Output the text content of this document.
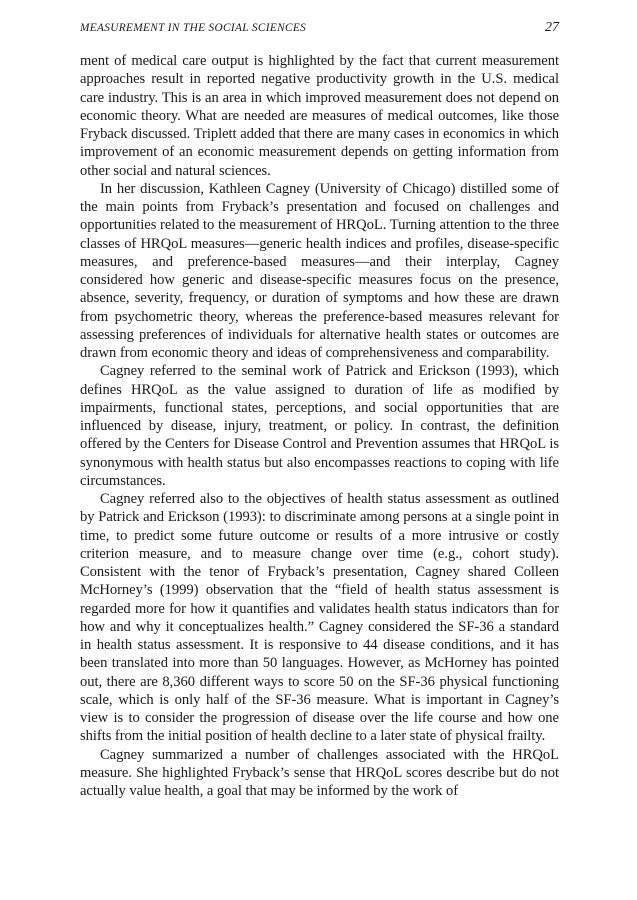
MEASUREMENT IN THE SOCIAL SCIENCES	27

ment of medical care output is highlighted by the fact that current measurement approaches result in reported negative productivity growth in the U.S. medical care industry. This is an area in which improved measurement does not depend on economic theory. What are needed are measures of medical outcomes, like those Fryback discussed. Triplett added that there are many cases in economics in which improvement of an economic measurement depends on getting information from other social and natural sciences.

In her discussion, Kathleen Cagney (University of Chicago) distilled some of the main points from Fryback’s presentation and focused on challenges and opportunities related to the measurement of HRQoL. Turning attention to the three classes of HRQoL measures—generic health indices and profiles, disease-specific measures, and preference-based measures—and their interplay, Cagney considered how generic and disease-specific measures focus on the presence, absence, severity, frequency, or duration of symptoms and how these are drawn from psychometric theory, whereas the preference-based measures relevant for assessing preferences of individuals for alternative health states or outcomes are drawn from economic theory and ideas of comprehensiveness and comparability.

Cagney referred to the seminal work of Patrick and Erickson (1993), which defines HRQoL as the value assigned to duration of life as modified by impairments, functional states, perceptions, and social opportunities that are influenced by disease, injury, treatment, or policy. In contrast, the definition offered by the Centers for Disease Control and Prevention assumes that HRQoL is synonymous with health status but also encompasses reactions to coping with life circumstances.

Cagney referred also to the objectives of health status assessment as outlined by Patrick and Erickson (1993): to discriminate among persons at a single point in time, to predict some future outcome or results of a more intrusive or costly criterion measure, and to measure change over time (e.g., cohort study). Consistent with the tenor of Fryback’s presentation, Cagney shared Colleen McHorney’s (1999) observation that the “field of health status assessment is regarded more for how it quantifies and validates health status indicators than for how and why it conceptualizes health.” Cagney considered the SF-36 a standard in health status assessment. It is responsive to 44 disease conditions, and it has been translated into more than 50 languages. However, as McHorney has pointed out, there are 8,360 different ways to score 50 on the SF-36 physical functioning scale, which is only half of the SF-36 measure. What is important in Cagney’s view is to consider the progression of disease over the life course and how one shifts from the initial position of health decline to a later state of physical frailty.

Cagney summarized a number of challenges associated with the HRQoL measure. She highlighted Fryback’s sense that HRQoL scores describe but do not actually value health, a goal that may be informed by the work of
